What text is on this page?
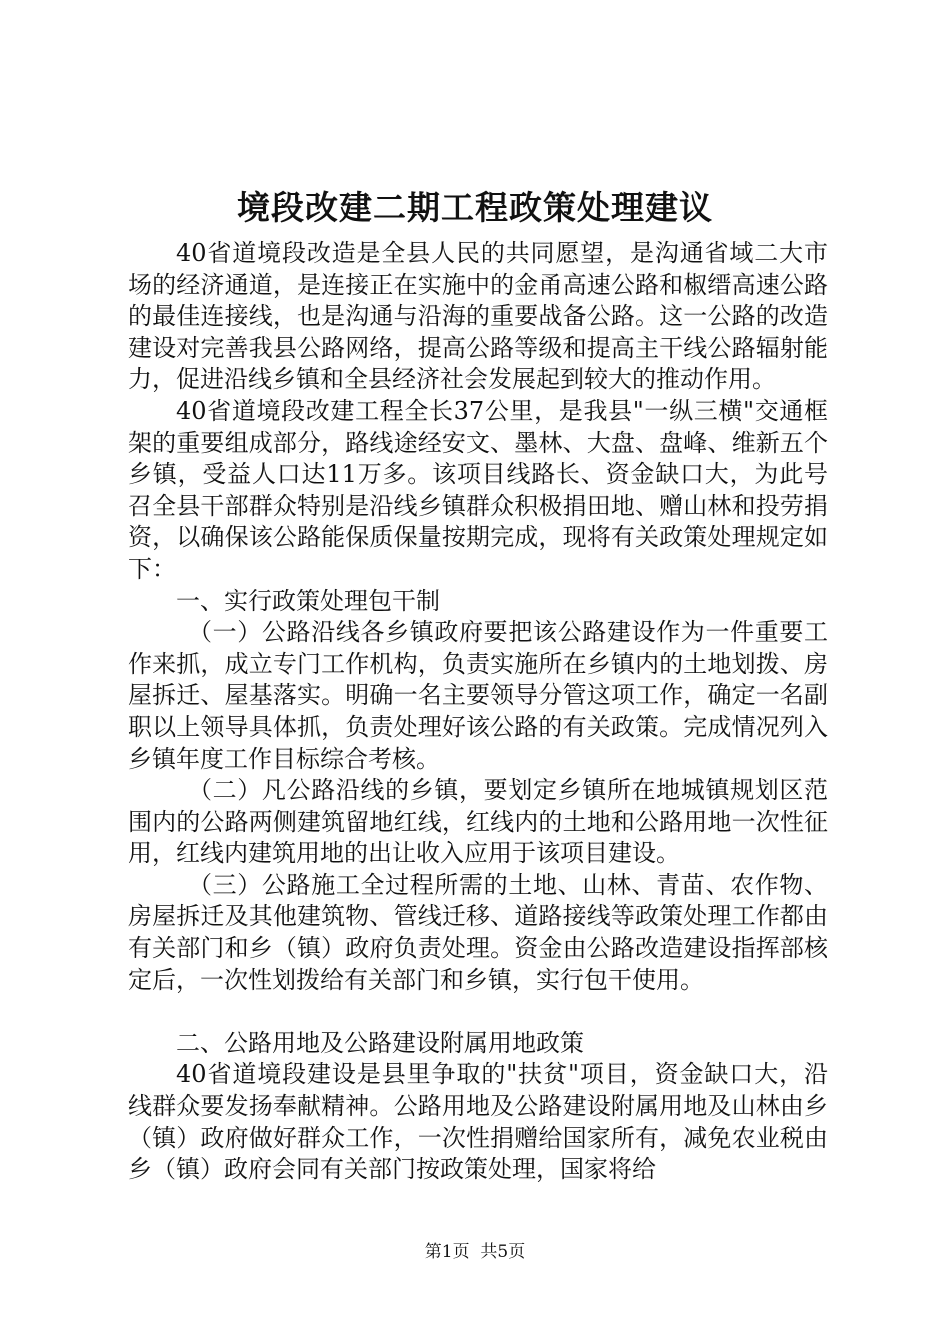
境段改建二期工程政策处理建议

40省道境段改造是全县人民的共同愿望，是沟通省域二大市场的经济通道，是连接正在实施中的金甬高速公路和椒缙高速公路的最佳连接线，也是沟通与沿海的重要战备公路。这一公路的改造建设对完善我县公路网络，提高公路等级和提高主干线公路辐射能力，促进沿线乡镇和全县经济社会发展起到较大的推动作用。

40省道境段改建工程全长37公里，是我县"一纵三横"交通框架的重要组成部分，路线途经安文、墨林、大盘、盘峰、维新五个乡镇，受益人口达11万多。该项目线路长、资金缺口大，为此号召全县干部群众特别是沿线乡镇群众积极捐田地、赠山林和投劳捐资，以确保该公路能保质保量按期完成，现将有关政策处理规定如下：

一、实行政策处理包干制

（一）公路沿线各乡镇政府要把该公路建设作为一件重要工作来抓，成立专门工作机构，负责实施所在乡镇内的土地划拨、房屋拆迁、屋基落实。明确一名主要领导分管这项工作，确定一名副职以上领导具体抓，负责处理好该公路的有关政策。完成情况列入乡镇年度工作目标综合考核。

（二）凡公路沿线的乡镇，要划定乡镇所在地城镇规划区范围内的公路两侧建筑留地红线，红线内的土地和公路用地一次性征用，红线内建筑用地的出让收入应用于该项目建设。

（三）公路施工全过程所需的土地、山林、青苗、农作物、房屋拆迁及其他建筑物、管线迁移、道路接线等政策处理工作都由有关部门和乡（镇）政府负责处理。资金由公路改造建设指挥部核定后，一次性划拨给有关部门和乡镇，实行包干使用。

二、公路用地及公路建设附属用地政策

40省道境段建设是县里争取的"扶贫"项目，资金缺口大，沿线群众要发扬奉献精神。公路用地及公路建设附属用地及山林由乡（镇）政府做好群众工作，一次性捐赠给国家所有，减免农业税由乡（镇）政府会同有关部门按政策处理，国家将给

第1页  共5页
